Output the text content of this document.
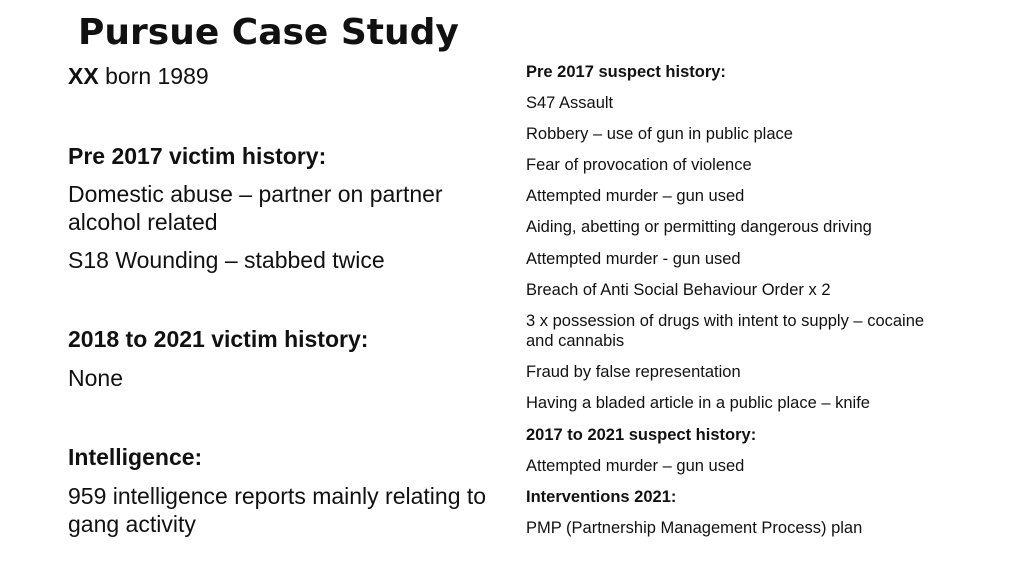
Pursue Case Study

XX born 1989

Pre 2017 victim history:

Domestic abuse – partner on partner alcohol related

S18 Wounding – stabbed twice

2018 to 2021 victim history:

None

Intelligence:

959 intelligence reports mainly relating to gang activity

Pre 2017 suspect history:

S47 Assault

Robbery – use of gun in public place

Fear of provocation of violence

Attempted murder – gun used

Aiding, abetting or permitting dangerous driving

Attempted murder - gun used

Breach of Anti Social Behaviour Order x 2

3 x possession of drugs with intent to supply – cocaine and cannabis

Fraud by false representation

Having a bladed article in a public place – knife

2017 to 2021 suspect history:

Attempted murder – gun used

Interventions 2021:

PMP (Partnership Management Process) plan
